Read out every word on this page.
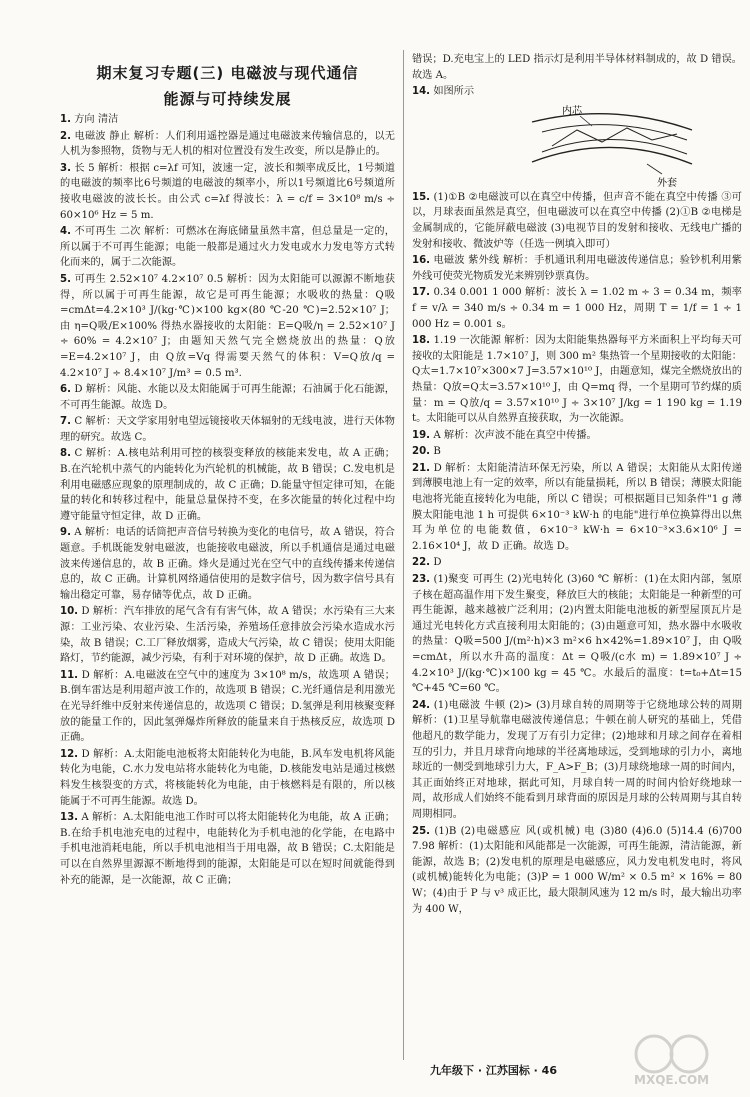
期末复习专题(三) 电磁波与现代通信
能源与可持续发展
1. 方向 清洁
2. 电磁波 静止 解析：人们利用遥控器是通过电磁波来传输信息的，以无人机为参照物，货物与无人机的相对位置没有发生改变，所以是静止的。
3. 长 5 解析：根据 c=λf 可知，波速一定，波长和频率成反比，1号频道的电磁波的频率比6号频道的电磁波的频率小，所以1号频道比6号频道所接收电磁波的波长长。由公式 c=λf 得波长：λ = c/f = 3×10⁸ m/s ÷ 60×10⁶ Hz = 5 m.
4. 不可再生 二次 解析：可燃冰在海底储量虽然丰富，但总量是一定的，所以属于不可再生能源；电能一般都是通过火力发电或水力发电等方式转化而来的，属于二次能源。
5. 可再生 2.52×10⁷ 4.2×10⁷ 0.5 解析：因为太阳能可以源源不断地获得，所以属于可再生能源，故它是可再生能源；水吸收的热量：Q吸=cmΔt=4.2×10³ J/(kg·℃)×100 kg×(80 ℃-20 ℃)=2.52×10⁷ J；由 η=Q吸/E×100% 得热水器接收的太阳能：E=Q吸/η = 2.52×10⁷ J ÷ 60% = 4.2×10⁷ J；由题知天然气完全燃烧放出的热量：Q放=E=4.2×10⁷ J，由 Q放=Vq 得需要天然气的体积：V=Q放/q = 4.2×10⁷ J ÷ 8.4×10⁷ J/m³ = 0.5 m³.
6. D 解析：风能、水能以及太阳能属于可再生能源；石油属于化石能源，不可再生能源。故选 D。
7. C 解析：天文学家用射电望远镜接收天体辐射的无线电波，进行天体物理的研究。故选 C。
8. C 解析：A.核电站利用可控的核裂变释放的核能来发电，故 A 正确；B.在汽轮机中蒸气的内能转化为汽轮机的机械能，故 B 错误；C.发电机是利用电磁感应现象的原理制成的，故 C 正确；D.能量守恒定律可知，在能量的转化和转移过程中，能量总量保持不变，在多次能量的转化过程中均遵守能量守恒定律，故 D 正确。
9. A 解析：电话的话筒把声音信号转换为变化的电信号，故 A 错误，符合题意。手机既能发射电磁波，也能接收电磁波，所以手机通信是通过电磁波来传递信息的，故 B 正确。烽火是通过光在空气中的直线传播来传递信息的，故 C 正确。计算机网络通信使用的是数字信号，因为数字信号具有输出稳定可靠，易存储等优点，故 D 正确。
10. D 解析：汽车排放的尾气含有有害气体，故 A 错误；水污染有三大来源：工业污染、农业污染、生活污染，养殖场任意排放会污染水造成水污染，故 B 错误；C.工厂释放烟雾，造成大气污染，故 C 错误；使用太阳能路灯，节约能源，减少污染，有利于对环境的保护，故 D 正确。故选 D。
11. D 解析：A.电磁波在空气中的速度为 3×10⁸ m/s，故选项 A 错误；B.倒车雷达是利用超声波工作的，故选项 B 错误；C.光纤通信是利用激光在光导纤维中反射来传递信息的，故选项 C 错误；D.氢弹是利用核聚变释放的能量工作的，因此氢弹爆炸所释放的能量来自于热核反应，故选项 D 正确。
12. D 解析：A.太阳能电池板将太阳能转化为电能，B.风车发电机将风能转化为电能，C.水力发电站将水能转化为电能，D.核能发电站是通过核燃料发生核裂变的方式，将核能转化为电能，由于核燃料是有限的，所以核能属于不可再生能源。故选 D。
13. A 解析：A.太阳能电池工作时可以将太阳能转化为电能，故 A 正确；B.在给手机电池充电的过程中，电能转化为手机电池的化学能，在电路中手机电池消耗电能，所以手机电池相当于用电器，故 B 错误；C.太阳能是可以在自然界里源源不断地得到的能源，太阳能是可以在短时间就能得到补充的能源，是一次能源，故 C 正确；
错误；D.充电宝上的 LED 指示灯是利用半导体材料制成的，故 D 错误。故选 A。
14. 如图所示
内芯
外套
15. (1)①B ②电磁波可以在真空中传播，但声音不能在真空中传播 ③可以，月球表面虽然是真空，但电磁波可以在真空中传播 (2)①B ②电梯是金属制成的，它能屏蔽电磁波 (3)电视节目的发射和接收、无线电广播的发射和接收、微波炉等（任选一例填入即可）
16. 电磁波 紫外线 解析：手机通讯利用电磁波传递信息；验钞机利用紫外线可使荧光物质发光来辨别钞票真伪。
17. 0.34 0.001 1 000 解析：波长 λ = 1.02 m ÷ 3 = 0.34 m，频率 f = v/λ = 340 m/s ÷ 0.34 m = 1 000 Hz，周期 T = 1/f = 1 ÷ 1 000 Hz = 0.001 s。
18. 1.19 一次能源 解析：因为太阳能集热器每平方米面积上平均每天可接收的太阳能是 1.7×10⁷ J，则 300 m² 集热管一个星期接收的太阳能：Q太=1.7×10⁷×300×7 J=3.57×10¹⁰ J，由题意知，煤完全燃烧放出的热量：Q放=Q太=3.57×10¹⁰ J，由 Q=mq 得，一个星期可节约煤的质量：m = Q放/q = 3.57×10¹⁰ J ÷ 3×10⁷ J/kg = 1 190 kg = 1.19 t。太阳能可以从自然界直接获取，为一次能源。
19. A 解析：次声波不能在真空中传播。
20. B
21. D 解析：太阳能清洁环保无污染，所以 A 错误；太阳能从太阳传递到薄膜电池上有一定的效率，所以有能量损耗，所以 B 错误；薄膜太阳能电池将光能直接转化为电能，所以 C 错误；可根据题目已知条件"1 g 薄膜太阳能电池 1 h 可提供 6×10⁻³ kW·h 的电能"进行单位换算得出以焦耳为单位的电能数值，6×10⁻³ kW·h = 6×10⁻³×3.6×10⁶ J = 2.16×10⁴ J，故 D 正确。故选 D。
22. D
23. (1)聚变 可再生 (2)光电转化 (3)60 ℃ 解析：(1)在太阳内部，氢原子核在超高温作用下发生聚变，释放巨大的核能；太阳能是一种新型的可再生能源，越来越被广泛利用；(2)内置太阳能电池板的新型屋顶瓦片是通过光电转化方式直接利用太阳能的；(3)由题意可知，热水器中水吸收的热量：Q吸=500 J/(m²·h)×3 m²×6 h×42%=1.89×10⁷ J，由 Q吸=cmΔt，所以水升高的温度：Δt = Q吸/(c水 m) = 1.89×10⁷ J ÷ 4.2×10³ J/(kg·℃)×100 kg = 45 ℃。水最后的温度：t=t₀+Δt=15 ℃+45 ℃=60 ℃。
24. (1)电磁波 牛顿 (2)> (3)月球自转的周期等于它绕地球公转的周期 解析：(1)卫星导航靠电磁波传递信息；牛顿在前人研究的基础上，凭借他超凡的数学能力，发现了万有引力定律；(2)地球和月球之间存在着相互的引力，并且月球背向地球的半径离地球远，受到地球的引力小，离地球近的一侧受到地球引力大，F_A>F_B；(3)月球绕地球一周的时间内，其正面始终正对地球，据此可知，月球自转一周的时间内恰好绕地球一周，故形成人们始终不能看到月球背面的原因是月球的公转周期与其自转周期相同。
25. (1)B (2)电磁感应 风(或机械) 电 (3)80 (4)6.0 (5)14.4 (6)700 7.98 解析：(1)太阳能和风能都是一次能源，可再生能源，清洁能源，新能源，故选 B；(2)发电机的原理是电磁感应，风力发电机发电时，将风(或机械)能转化为电能；(3)P = 1 000 W/m² × 0.5 m² × 16% = 80 W；(4)由于 P 与 v³ 成正比，最大限制风速为 12 m/s 时，最大输出功率为 400 W，
九年级下 · 江苏国标 · 46
MXQE.COM
